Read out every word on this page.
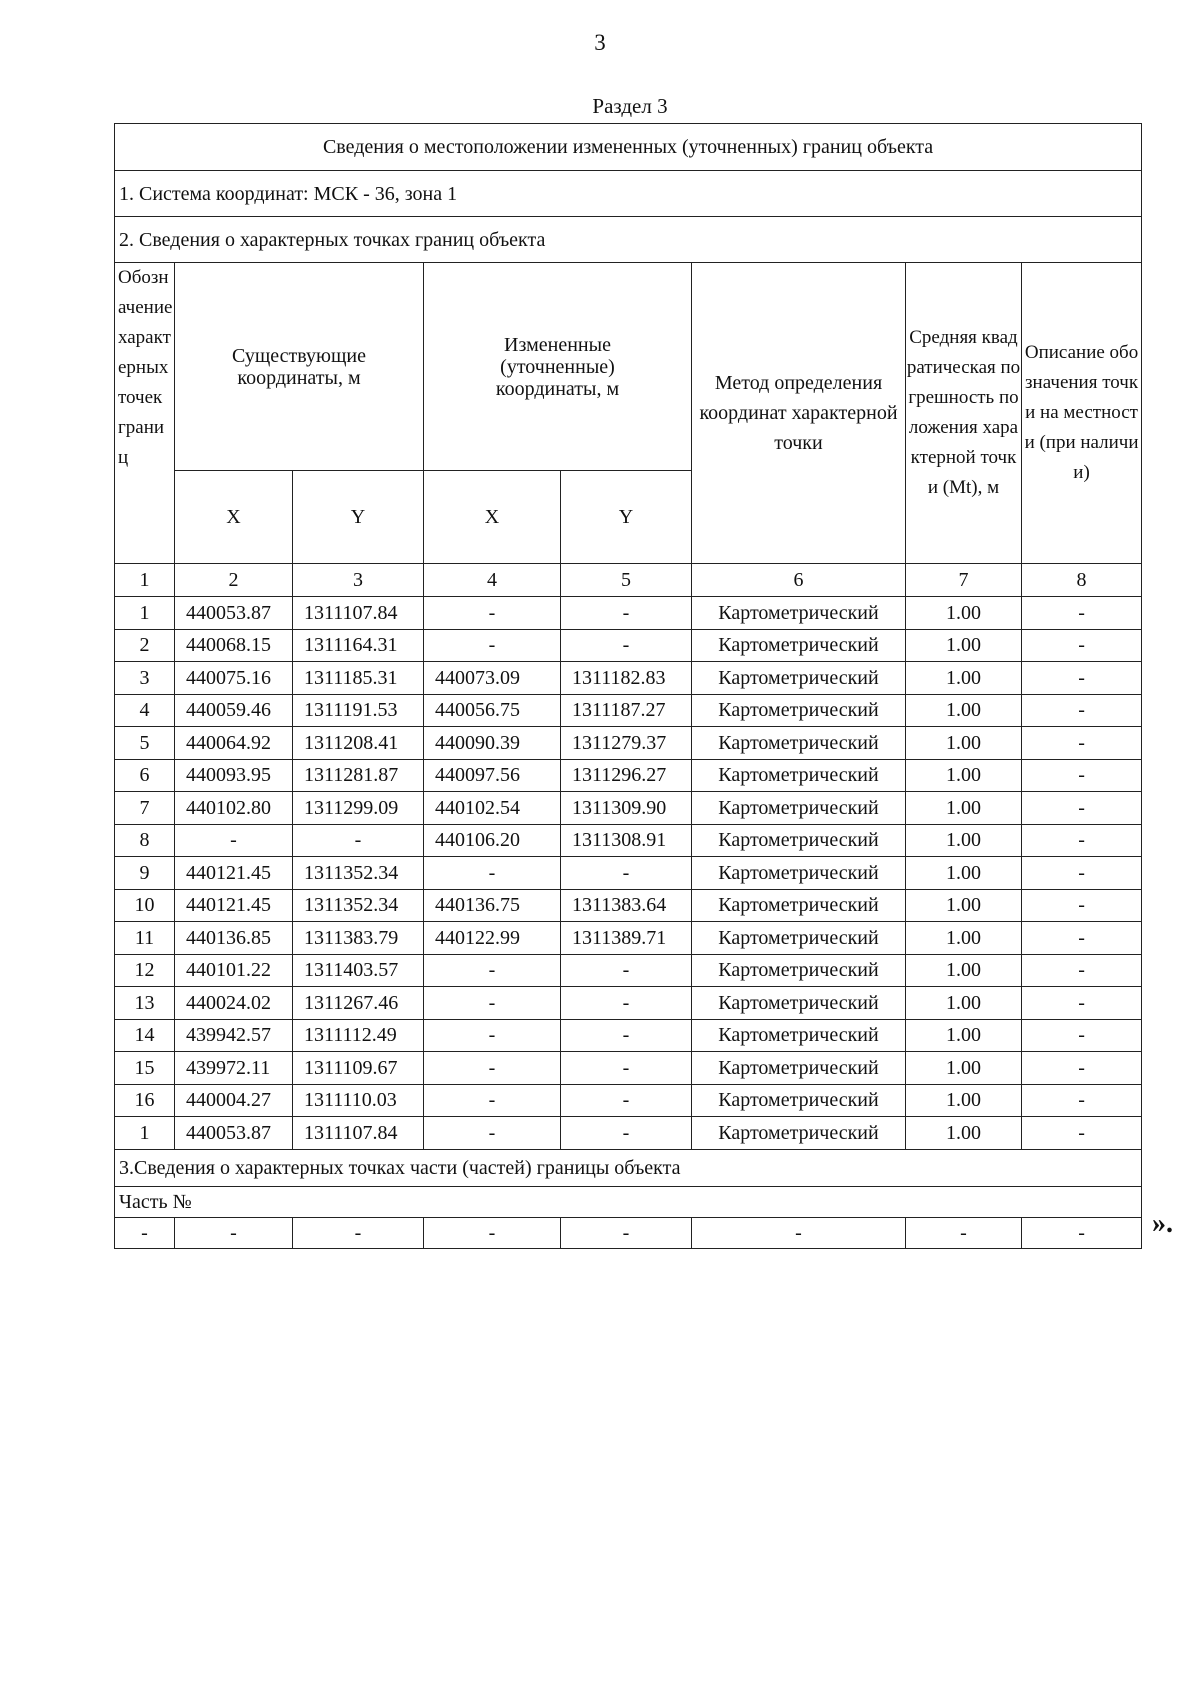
3
Раздел 3
Сведения о местоположении измененных (уточненных) границ объекта							
1. Система координат: МСК - 36, зона 1							
2. Сведения о характерных точках границ объекта							
Обозначение характерных точек границ	Существующие координаты, м		Измененные (уточненные) координаты, м		Метод определения координат характерной точки	Средняя квадратическая погрешность положения характерной точки (Mt), м	Описание обозначения точки на местности (при наличии)
	X	Y	X	Y			
1	2	3	4	5	6	7	8
1	440053.87	1311107.84	-	-	Картометрический	1.00	-
2	440068.15	1311164.31	-	-	Картометрический	1.00	-
3	440075.16	1311185.31	440073.09	1311182.83	Картометрический	1.00	-
4	440059.46	1311191.53	440056.75	1311187.27	Картометрический	1.00	-
5	440064.92	1311208.41	440090.39	1311279.37	Картометрический	1.00	-
6	440093.95	1311281.87	440097.56	1311296.27	Картометрический	1.00	-
7	440102.80	1311299.09	440102.54	1311309.90	Картометрический	1.00	-
8	-	-	440106.20	1311308.91	Картометрический	1.00	-
9	440121.45	1311352.34	-	-	Картометрический	1.00	-
10	440121.45	1311352.34	440136.75	1311383.64	Картометрический	1.00	-
11	440136.85	1311383.79	440122.99	1311389.71	Картометрический	1.00	-
12	440101.22	1311403.57	-	-	Картометрический	1.00	-
13	440024.02	1311267.46	-	-	Картометрический	1.00	-
14	439942.57	1311112.49	-	-	Картометрический	1.00	-
15	439972.11	1311109.67	-	-	Картометрический	1.00	-
16	440004.27	1311110.03	-	-	Картометрический	1.00	-
1	440053.87	1311107.84	-	-	Картометрический	1.00	-
3.Сведения о характерных точках части (частей) границы объекта							
Часть №							
-	-	-	-	-	-	-	- ».
